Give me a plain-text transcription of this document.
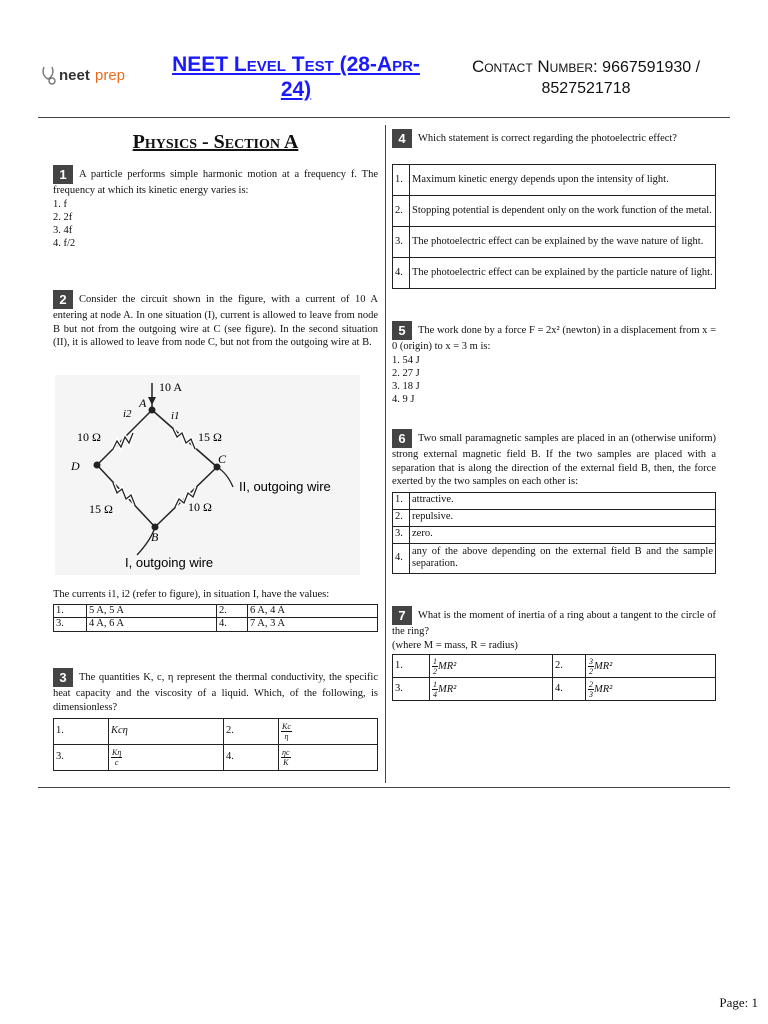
neet prep	NEET Level Test (28-Apr-24)
Contact Number: 9667591930 /
8527521718
Physics - Section A
1 A particle performs simple harmonic motion at a frequency f. The frequency at which its kinetic energy varies is:
1. f
2. 2f
3. 4f
4. f/2
2 Consider the circuit shown in the figure, with a current of 10 A entering at node A. In one situation (I), current is allowed to leave from node B but not from the outgoing wire at C (see figure). In the second situation (II), it is allowed to leave from node C, but not from the outgoing wire at B.
10 A
A
D	C
B
i2	i1
10 Ω	15 Ω
15 Ω	10 Ω
II, outgoing wire
I, outgoing wire
The currents i1, i2 (refer to figure), in situation I, have the values:
1.	5 A, 5 A	2.	6 A, 4 A
3.	4 A, 6 A	4.	7 A, 3 A
3 The quantities K, c, η represent the thermal conductivity, the specific heat capacity and the viscosity of a liquid. Which, of the following, is dimensionless?
1.	Kcη	2.	$\frac{Kc}{\eta}$

3.	$\frac{K\eta}{c}$	4.	$\frac{\eta c}{K}$
4 Which statement is correct regarding the photoelectric effect?
1.	Maximum kinetic energy depends upon the intensity of light.
2.	Stopping potential is dependent only on the work function of the metal.
3.	The photoelectric effect can be explained by the wave nature of light.
4.	The photoelectric effect can be explained by the particle nature of light.
5 The work done by a force F = 2x² (newton) in a displacement from x = 0 (origin) to x = 3 m is:
1. 54 J
2. 27 J
3. 18 J
4. 9 J
6 Two small paramagnetic samples are placed in an (otherwise uniform) strong external magnetic field B. If the two samples are placed with a separation that is along the direction of the external field B, then, the force exerted by the two samples on each other is:
1.	attractive.
2.	repulsive.
3.	zero.
4.	any of the above depending on the external field B and the sample separation.
7 What is the moment of inertia of a ring about a tangent to the circle of the ring?
(where M = mass, R = radius)
1.	$\frac{1}{2} MR^2$	2.	$\frac{3}{2} MR^2$
3.	$\frac{1}{4} MR^2$	4.	$\frac{2}{3} MR^2$
Page: 1
